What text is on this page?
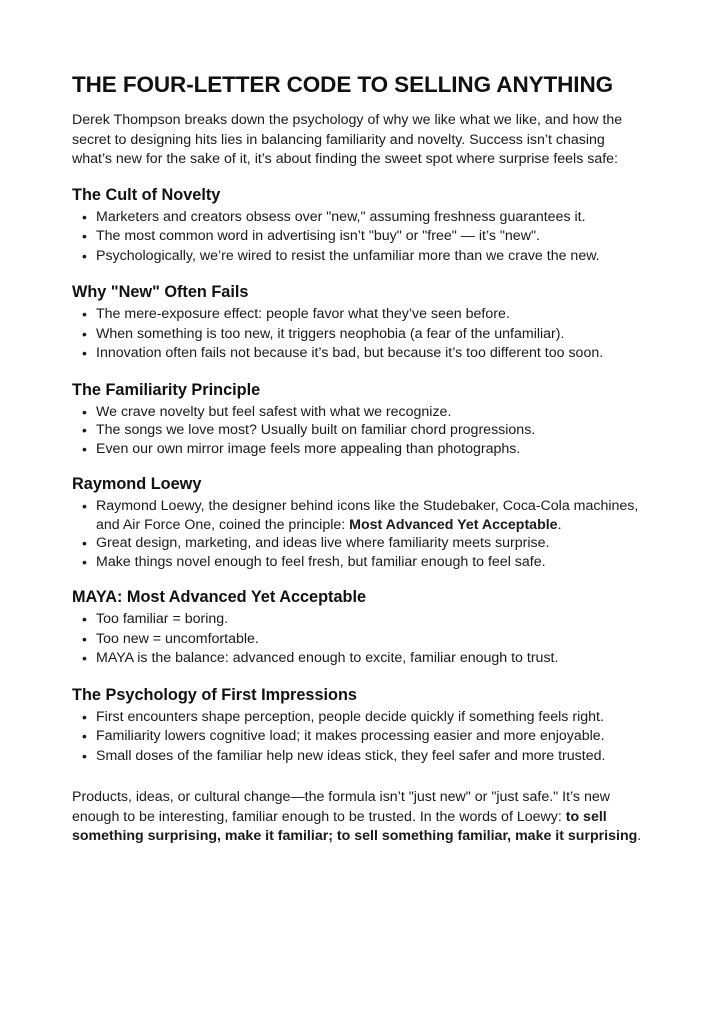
THE FOUR-LETTER CODE TO SELLING ANYTHING

Derek Thompson breaks down the psychology of why we like what we like, and how the secret to designing hits lies in balancing familiarity and novelty. Success isn’t chasing what’s new for the sake of it, it’s about finding the sweet spot where surprise feels safe:

The Cult of Novelty
• Marketers and creators obsess over "new," assuming freshness guarantees it.
• The most common word in advertising isn’t "buy" or "free" — it’s "new".
• Psychologically, we’re wired to resist the unfamiliar more than we crave the new.
Why "New" Often Fails
• The mere-exposure effect: people favor what they’ve seen before.
• When something is too new, it triggers neophobia (a fear of the unfamiliar).
• Innovation often fails not because it’s bad, but because it’s too different too soon.
The Familiarity Principle
• We crave novelty but feel safest with what we recognize.
• The songs we love most? Usually built on familiar chord progressions.
• Even our own mirror image feels more appealing than photographs.
Raymond Loewy
• Raymond Loewy, the designer behind icons like the Studebaker, Coca-Cola machines, and Air Force One, coined the principle: Most Advanced Yet Acceptable.
• Great design, marketing, and ideas live where familiarity meets surprise.
• Make things novel enough to feel fresh, but familiar enough to feel safe.
MAYA: Most Advanced Yet Acceptable
• Too familiar = boring.
• Too new = uncomfortable.
• MAYA is the balance: advanced enough to excite, familiar enough to trust.
The Psychology of First Impressions
• First encounters shape perception, people decide quickly if something feels right.
• Familiarity lowers cognitive load; it makes processing easier and more enjoyable.
• Small doses of the familiar help new ideas stick, they feel safer and more trusted.

Products, ideas, or cultural change—the formula isn’t "just new" or "just safe." It’s new enough to be interesting, familiar enough to be trusted. In the words of Loewy: to sell something surprising, make it familiar; to sell something familiar, make it surprising.
